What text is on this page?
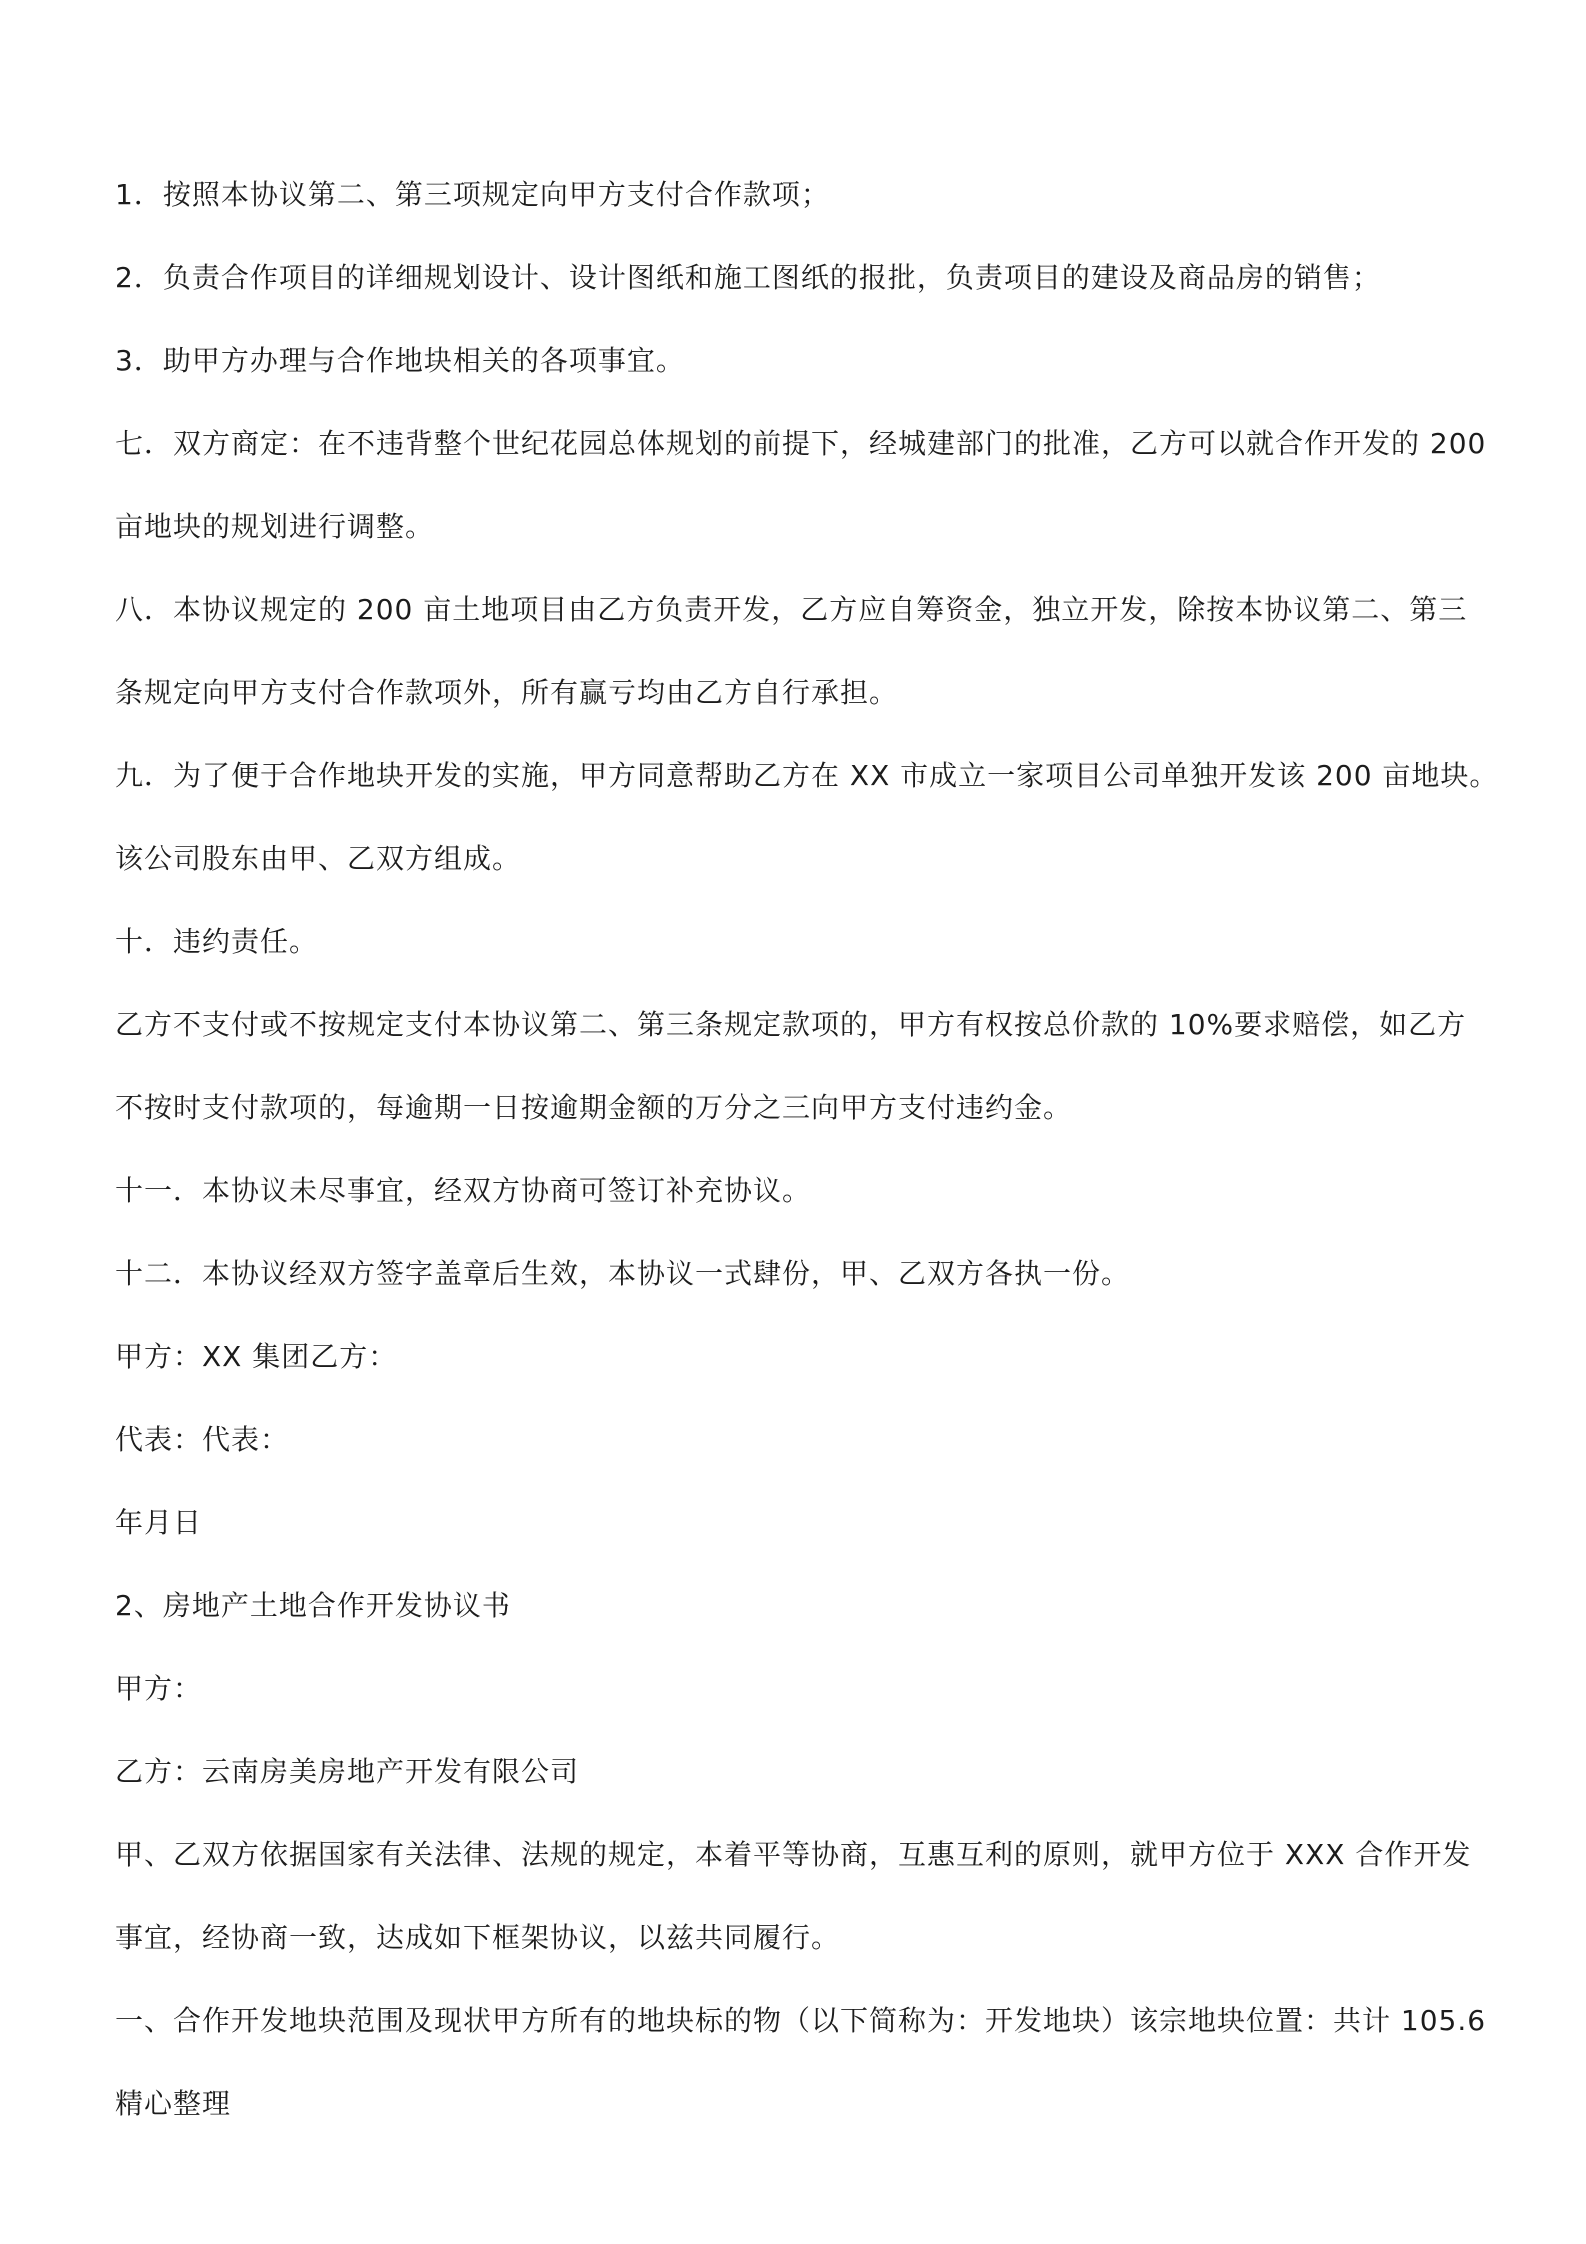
1．按照本协议第二、第三项规定向甲方支付合作款项；
2．负责合作项目的详细规划设计、设计图纸和施工图纸的报批，负责项目的建设及商品房的销售；
3．助甲方办理与合作地块相关的各项事宜。
七．双方商定：在不违背整个世纪花园总体规划的前提下，经城建部门的批准，乙方可以就合作开发的 200
亩地块的规划进行调整。
八．本协议规定的 200 亩土地项目由乙方负责开发，乙方应自筹资金，独立开发，除按本协议第二、第三
条规定向甲方支付合作款项外，所有赢亏均由乙方自行承担。
九．为了便于合作地块开发的实施，甲方同意帮助乙方在 XX 市成立一家项目公司单独开发该 200 亩地块。
该公司股东由甲、乙双方组成。
十．违约责任。
乙方不支付或不按规定支付本协议第二、第三条规定款项的，甲方有权按总价款的 10%要求赔偿，如乙方
不按时支付款项的，每逾期一日按逾期金额的万分之三向甲方支付违约金。
十一．本协议未尽事宜，经双方协商可签订补充协议。
十二．本协议经双方签字盖章后生效，本协议一式肆份，甲、乙双方各执一份。
甲方：XX 集团乙方：
代表：代表：
年月日
2、房地产土地合作开发协议书
甲方：
乙方：云南房美房地产开发有限公司
甲、乙双方依据国家有关法律、法规的规定，本着平等协商，互惠互利的原则，就甲方位于 XXX 合作开发
事宜，经协商一致，达成如下框架协议，以兹共同履行。
一、合作开发地块范围及现状甲方所有的地块标的物（以下简称为：开发地块）该宗地块位置：共计 105.6
精心整理
